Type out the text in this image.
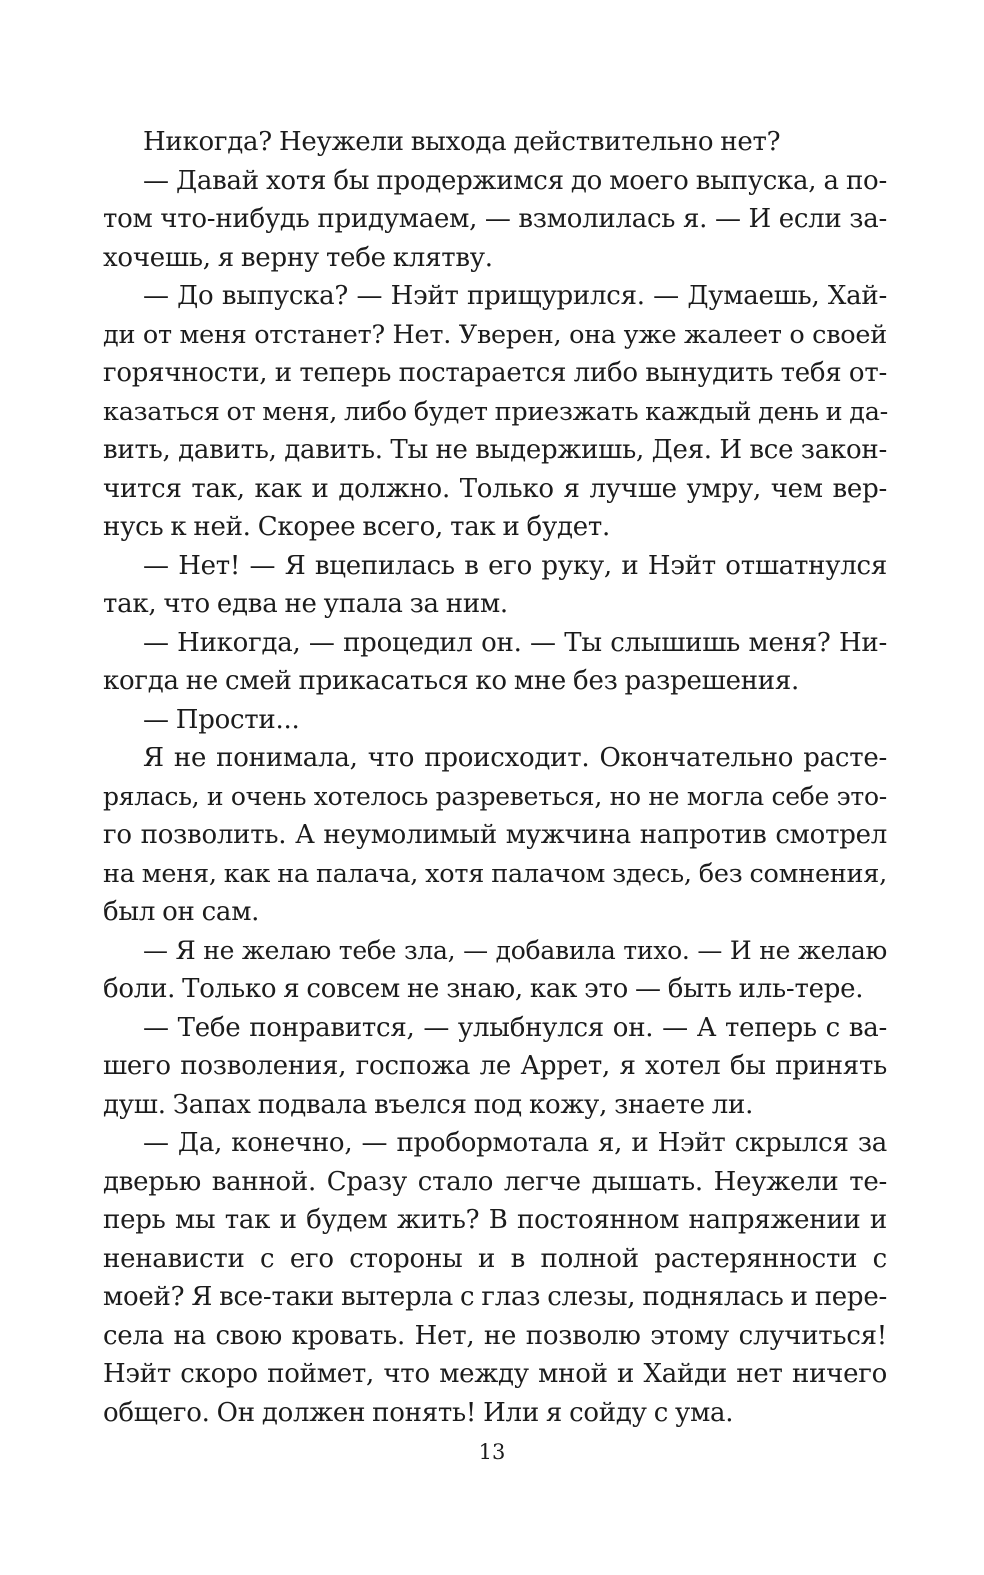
Никогда? Неужели выхода действительно нет?
— Давай хотя бы продержимся до моего выпуска, а по-
том что-нибудь придумаем, — взмолилась я. — И если за-
хочешь, я верну тебе клятву.
— До выпуска? — Нэйт прищурился. — Думаешь, Хай-
ди от меня отстанет? Нет. Уверен, она уже жалеет о своей
горячности, и теперь постарается либо вынудить тебя от-
казаться от меня, либо будет приезжать каждый день и да-
вить, давить, давить. Ты не выдержишь, Дея. И все закон-
чится так, как и должно. Только я лучше умру, чем вер-
нусь к ней. Скорее всего, так и будет.
— Нет! — Я вцепилась в его руку, и Нэйт отшатнулся
так, что едва не упала за ним.
— Никогда, — процедил он. — Ты слышишь меня? Ни-
когда не смей прикасаться ко мне без разрешения.
— Прости...
Я не понимала, что происходит. Окончательно расте-
рялась, и очень хотелось разреветься, но не могла себе это-
го позволить. А неумолимый мужчина напротив смотрел
на меня, как на палача, хотя палачом здесь, без сомнения,
был он сам.
— Я не желаю тебе зла, — добавила тихо. — И не желаю
боли. Только я совсем не знаю, как это — быть иль-тере.
— Тебе понравится, — улыбнулся он. — А теперь с ва-
шего позволения, госпожа ле Аррет, я хотел бы принять
душ. Запах подвала въелся под кожу, знаете ли.
— Да, конечно, — пробормотала я, и Нэйт скрылся за
дверью ванной. Сразу стало легче дышать. Неужели те-
перь мы так и будем жить? В постоянном напряжении и
ненависти с его стороны и в полной растерянности с
моей? Я все-таки вытерла с глаз слезы, поднялась и пере-
села на свою кровать. Нет, не позволю этому случиться!
Нэйт скоро поймет, что между мной и Хайди нет ничего
общего. Он должен понять! Или я сойду с ума.
13
